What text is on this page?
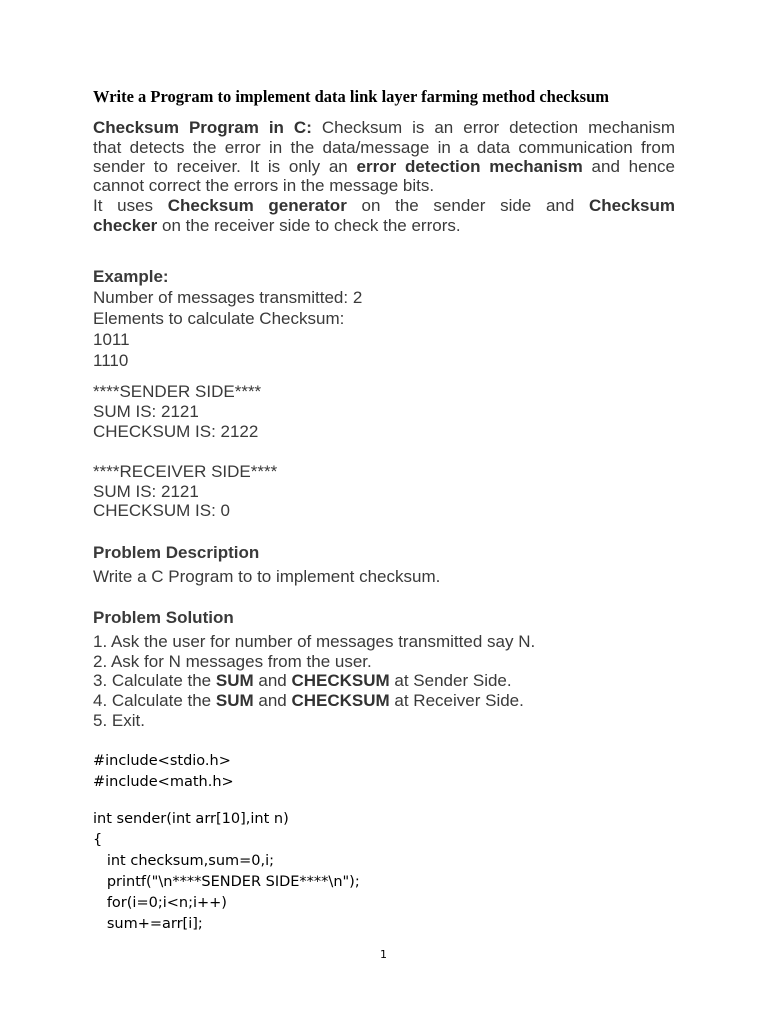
Write a Program to implement data link layer farming method checksum
Checksum Program in C: Checksum is an error detection mechanism
that detects the error in the data/message in a data communication from
sender to receiver. It is only an error detection mechanism and hence
cannot correct the errors in the message bits.
It uses Checksum generator on the sender side and Checksum
checker on the receiver side to check the errors.
Example:
Number of messages transmitted: 2
Elements to calculate Checksum:
1011
1110
****SENDER SIDE****
SUM IS: 2121
CHECKSUM IS: 2122
****RECEIVER SIDE****
SUM IS: 2121
CHECKSUM IS: 0
Problem Description
Write a C Program to to implement checksum.
Problem Solution
1. Ask the user for number of messages transmitted say N.
2. Ask for N messages from the user.
3. Calculate the SUM and CHECKSUM at Sender Side.
4. Calculate the SUM and CHECKSUM at Receiver Side.
5. Exit.
#include<stdio.h>
#include<math.h>
int sender(int arr[10],int n)
{
int checksum,sum=0,i;
printf("\n****SENDER SIDE****\n");
for(i=0;i<n;i++)
sum+=arr[i];
1
